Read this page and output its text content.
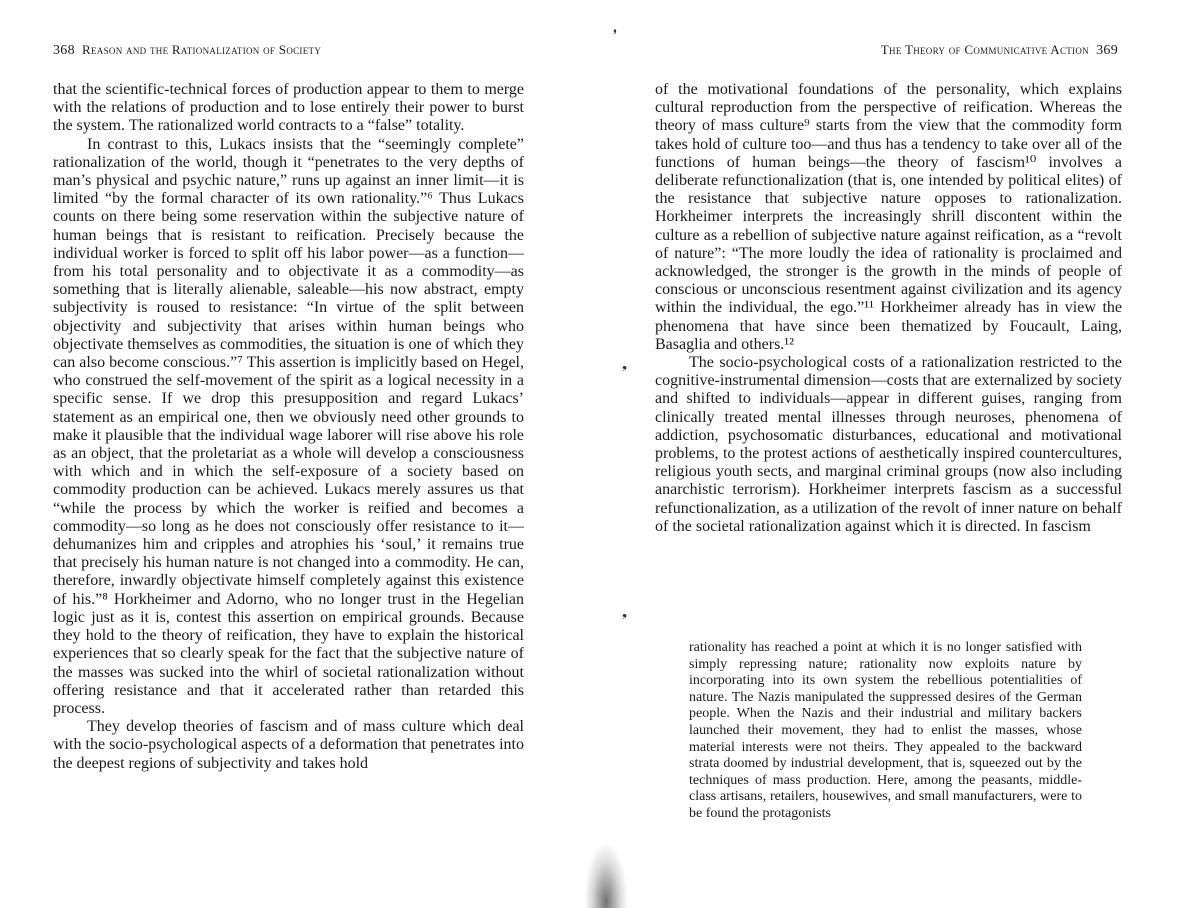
368 Reason and the Rationalization of Society

that the scientific-technical forces of production appear to them to merge with the relations of production and to lose entirely their power to burst the system. The rationalized world contracts to a “false” totality.

In contrast to this, Lukacs insists that the “seemingly complete” rationalization of the world, though it “penetrates to the very depths of man’s physical and psychic nature,” runs up against an inner limit—it is limited “by the formal character of its own rationality.”⁶ Thus Lukacs counts on there being some reservation within the subjective nature of human beings that is resistant to reification. Precisely because the individual worker is forced to split off his labor power—as a function—from his total personality and to objectivate it as a commodity—as something that is literally alienable, saleable—his now abstract, empty subjectivity is roused to resistance: “In virtue of the split between objectivity and subjectivity that arises within human beings who objectivate themselves as commodities, the situation is one of which they can also become conscious.”⁷ This assertion is implicitly based on Hegel, who construed the self-movement of the spirit as a logical necessity in a specific sense. If we drop this presupposition and regard Lukacs’ statement as an empirical one, then we obviously need other grounds to make it plausible that the individual wage laborer will rise above his role as an object, that the proletariat as a whole will develop a consciousness with which and in which the self-exposure of a society based on commodity production can be achieved. Lukacs merely assures us that “while the process by which the worker is reified and becomes a commodity—so long as he does not consciously offer resistance to it—dehumanizes him and cripples and atrophies his ‘soul,’ it remains true that precisely his human nature is not changed into a commodity. He can, therefore, inwardly objectivate himself completely against this existence of his.”⁸ Horkheimer and Adorno, who no longer trust in the Hegelian logic just as it is, contest this assertion on empirical grounds. Because they hold to the theory of reification, they have to explain the historical experiences that so clearly speak for the fact that the subjective nature of the masses was sucked into the whirl of societal rationalization without offering resistance and that it accelerated rather than retarded this process.

They develop theories of fascism and of mass culture which deal with the socio-psychological aspects of a deformation that penetrates into the deepest regions of subjectivity and takes hold

The Theory of Communicative Action 369

of the motivational foundations of the personality, which explains cultural reproduction from the perspective of reification. Whereas the theory of mass culture⁹ starts from the view that the commodity form takes hold of culture too—and thus has a tendency to take over all of the functions of human beings—the theory of fascism¹⁰ involves a deliberate refunctionalization (that is, one intended by political elites) of the resistance that subjective nature opposes to rationalization. Horkheimer interprets the increasingly shrill discontent within the culture as a rebellion of subjective nature against reification, as a “revolt of nature”: “The more loudly the idea of rationality is proclaimed and acknowledged, the stronger is the growth in the minds of people of conscious or unconscious resentment against civilization and its agency within the individual, the ego.”¹¹ Horkheimer already has in view the phenomena that have since been thematized by Foucault, Laing, Basaglia and others.¹²

The socio-psychological costs of a rationalization restricted to the cognitive-instrumental dimension—costs that are externalized by society and shifted to individuals—appear in different guises, ranging from clinically treated mental illnesses through neuroses, phenomena of addiction, psychosomatic disturbances, educational and motivational problems, to the protest actions of aesthetically inspired countercultures, religious youth sects, and marginal criminal groups (now also including anarchistic terrorism). Horkheimer interprets fascism as a successful refunctionalization, as a utilization of the revolt of inner nature on behalf of the societal rationalization against which it is directed. In fascism

rationality has reached a point at which it is no longer satisfied with simply repressing nature; rationality now exploits nature by incorporating into its own system the rebellious potentialities of nature. The Nazis manipulated the suppressed desires of the German people. When the Nazis and their industrial and military backers launched their movement, they had to enlist the masses, whose material interests were not theirs. They appealed to the backward strata doomed by industrial development, that is, squeezed out by the techniques of mass production. Here, among the peasants, middle-class artisans, retailers, housewives, and small manufacturers, were to be found the protagonists

❜
❟
❟
